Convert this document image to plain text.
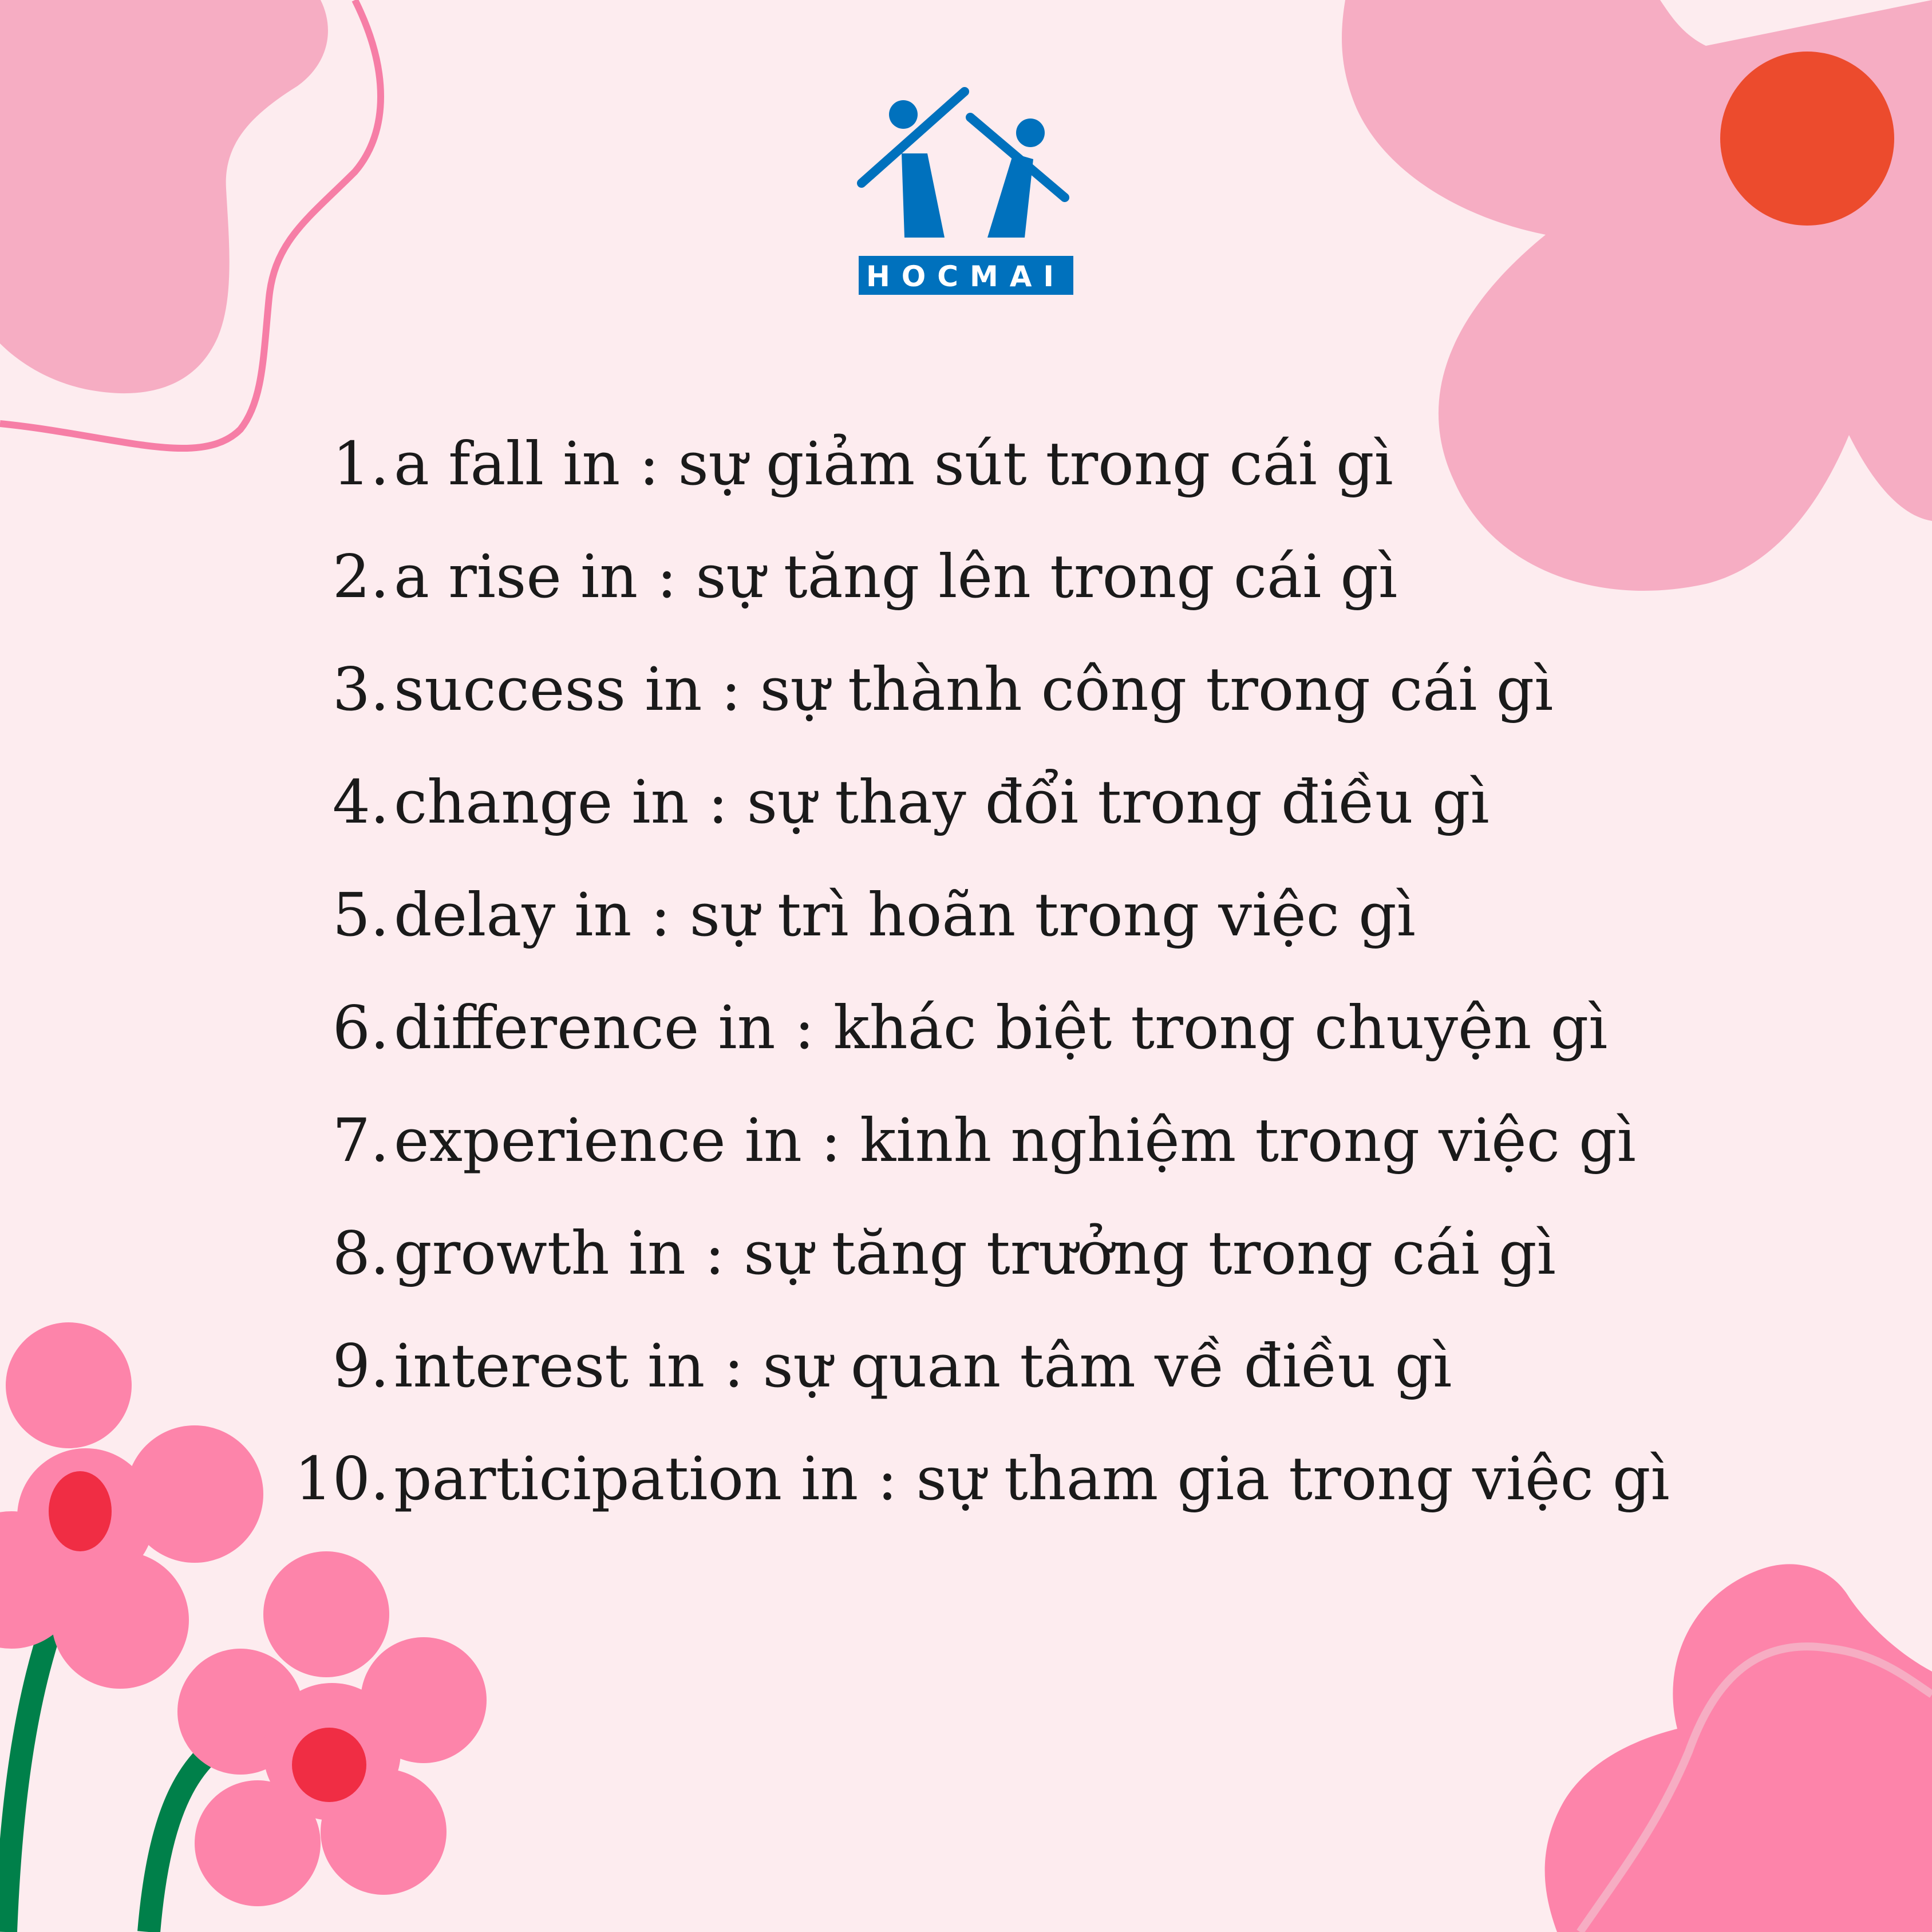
HOCMAI
1. a fall in : sự giảm sút trong cái gì
2. a rise in : sự tăng lên trong cái gì
3. success in : sự thành công trong cái gì
4. change in : sự thay đổi trong điều gì
5. delay in : sự trì hoãn trong việc gì
6. difference in : khác biệt trong chuyện gì
7. experience in : kinh nghiệm trong việc gì
8. growth in : sự tăng trưởng trong cái gì
9. interest in : sự quan tâm về điều gì
10. participation in : sự tham gia trong việc gì
